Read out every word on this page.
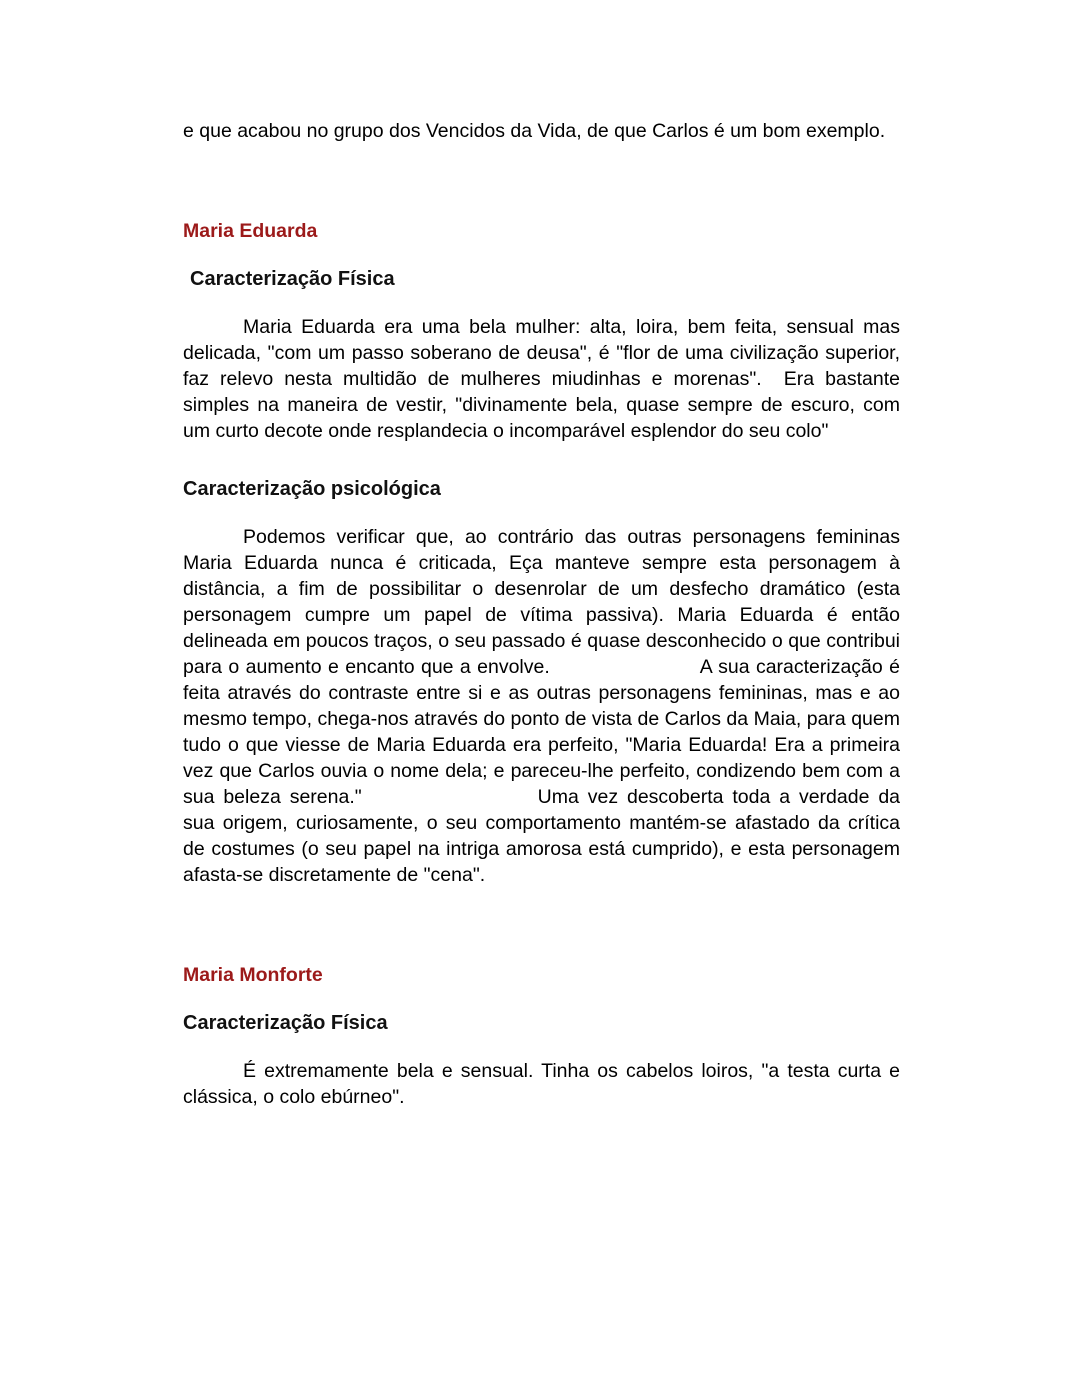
e que acabou no grupo dos Vencidos da Vida, de que Carlos é um bom exemplo.

Maria Eduarda
Caracterização Física

Maria Eduarda era uma bela mulher: alta, loira, bem feita, sensual mas delicada, "com um passo soberano de deusa", é "flor de uma civilização superior, faz relevo nesta multidão de mulheres miudinhas e morenas".  Era bastante simples na maneira de vestir, "divinamente bela, quase sempre de escuro, com um curto decote onde resplandecia o incomparável esplendor do seu colo"

Caracterização psicológica

Podemos verificar que, ao contrário das outras personagens femininas Maria Eduarda nunca é criticada, Eça manteve sempre esta personagem à distância, a fim de possibilitar o desenrolar de um desfecho dramático (esta personagem cumpre um papel de vítima passiva). Maria Eduarda é então delineada em poucos traços, o seu passado é quase desconhecido o que contribui para o aumento e encanto que a envolve.	A sua caracterização é feita através do contraste entre si e as outras personagens femininas, mas e ao mesmo tempo, chega-nos através do ponto de vista de Carlos da Maia, para quem tudo o que viesse de Maria Eduarda era perfeito, "Maria Eduarda! Era a primeira vez que Carlos ouvia o nome dela; e pareceu-lhe perfeito, condizendo bem com a sua beleza serena."	Uma vez descoberta toda a verdade da sua origem, curiosamente, o seu comportamento mantém-se afastado da crítica de costumes (o seu papel na intriga amorosa está cumprido), e esta personagem afasta-se discretamente de "cena".

Maria Monforte
Caracterização Física

É extremamente bela e sensual. Tinha os cabelos loiros, "a testa curta e clássica, o colo ebúrneo".
